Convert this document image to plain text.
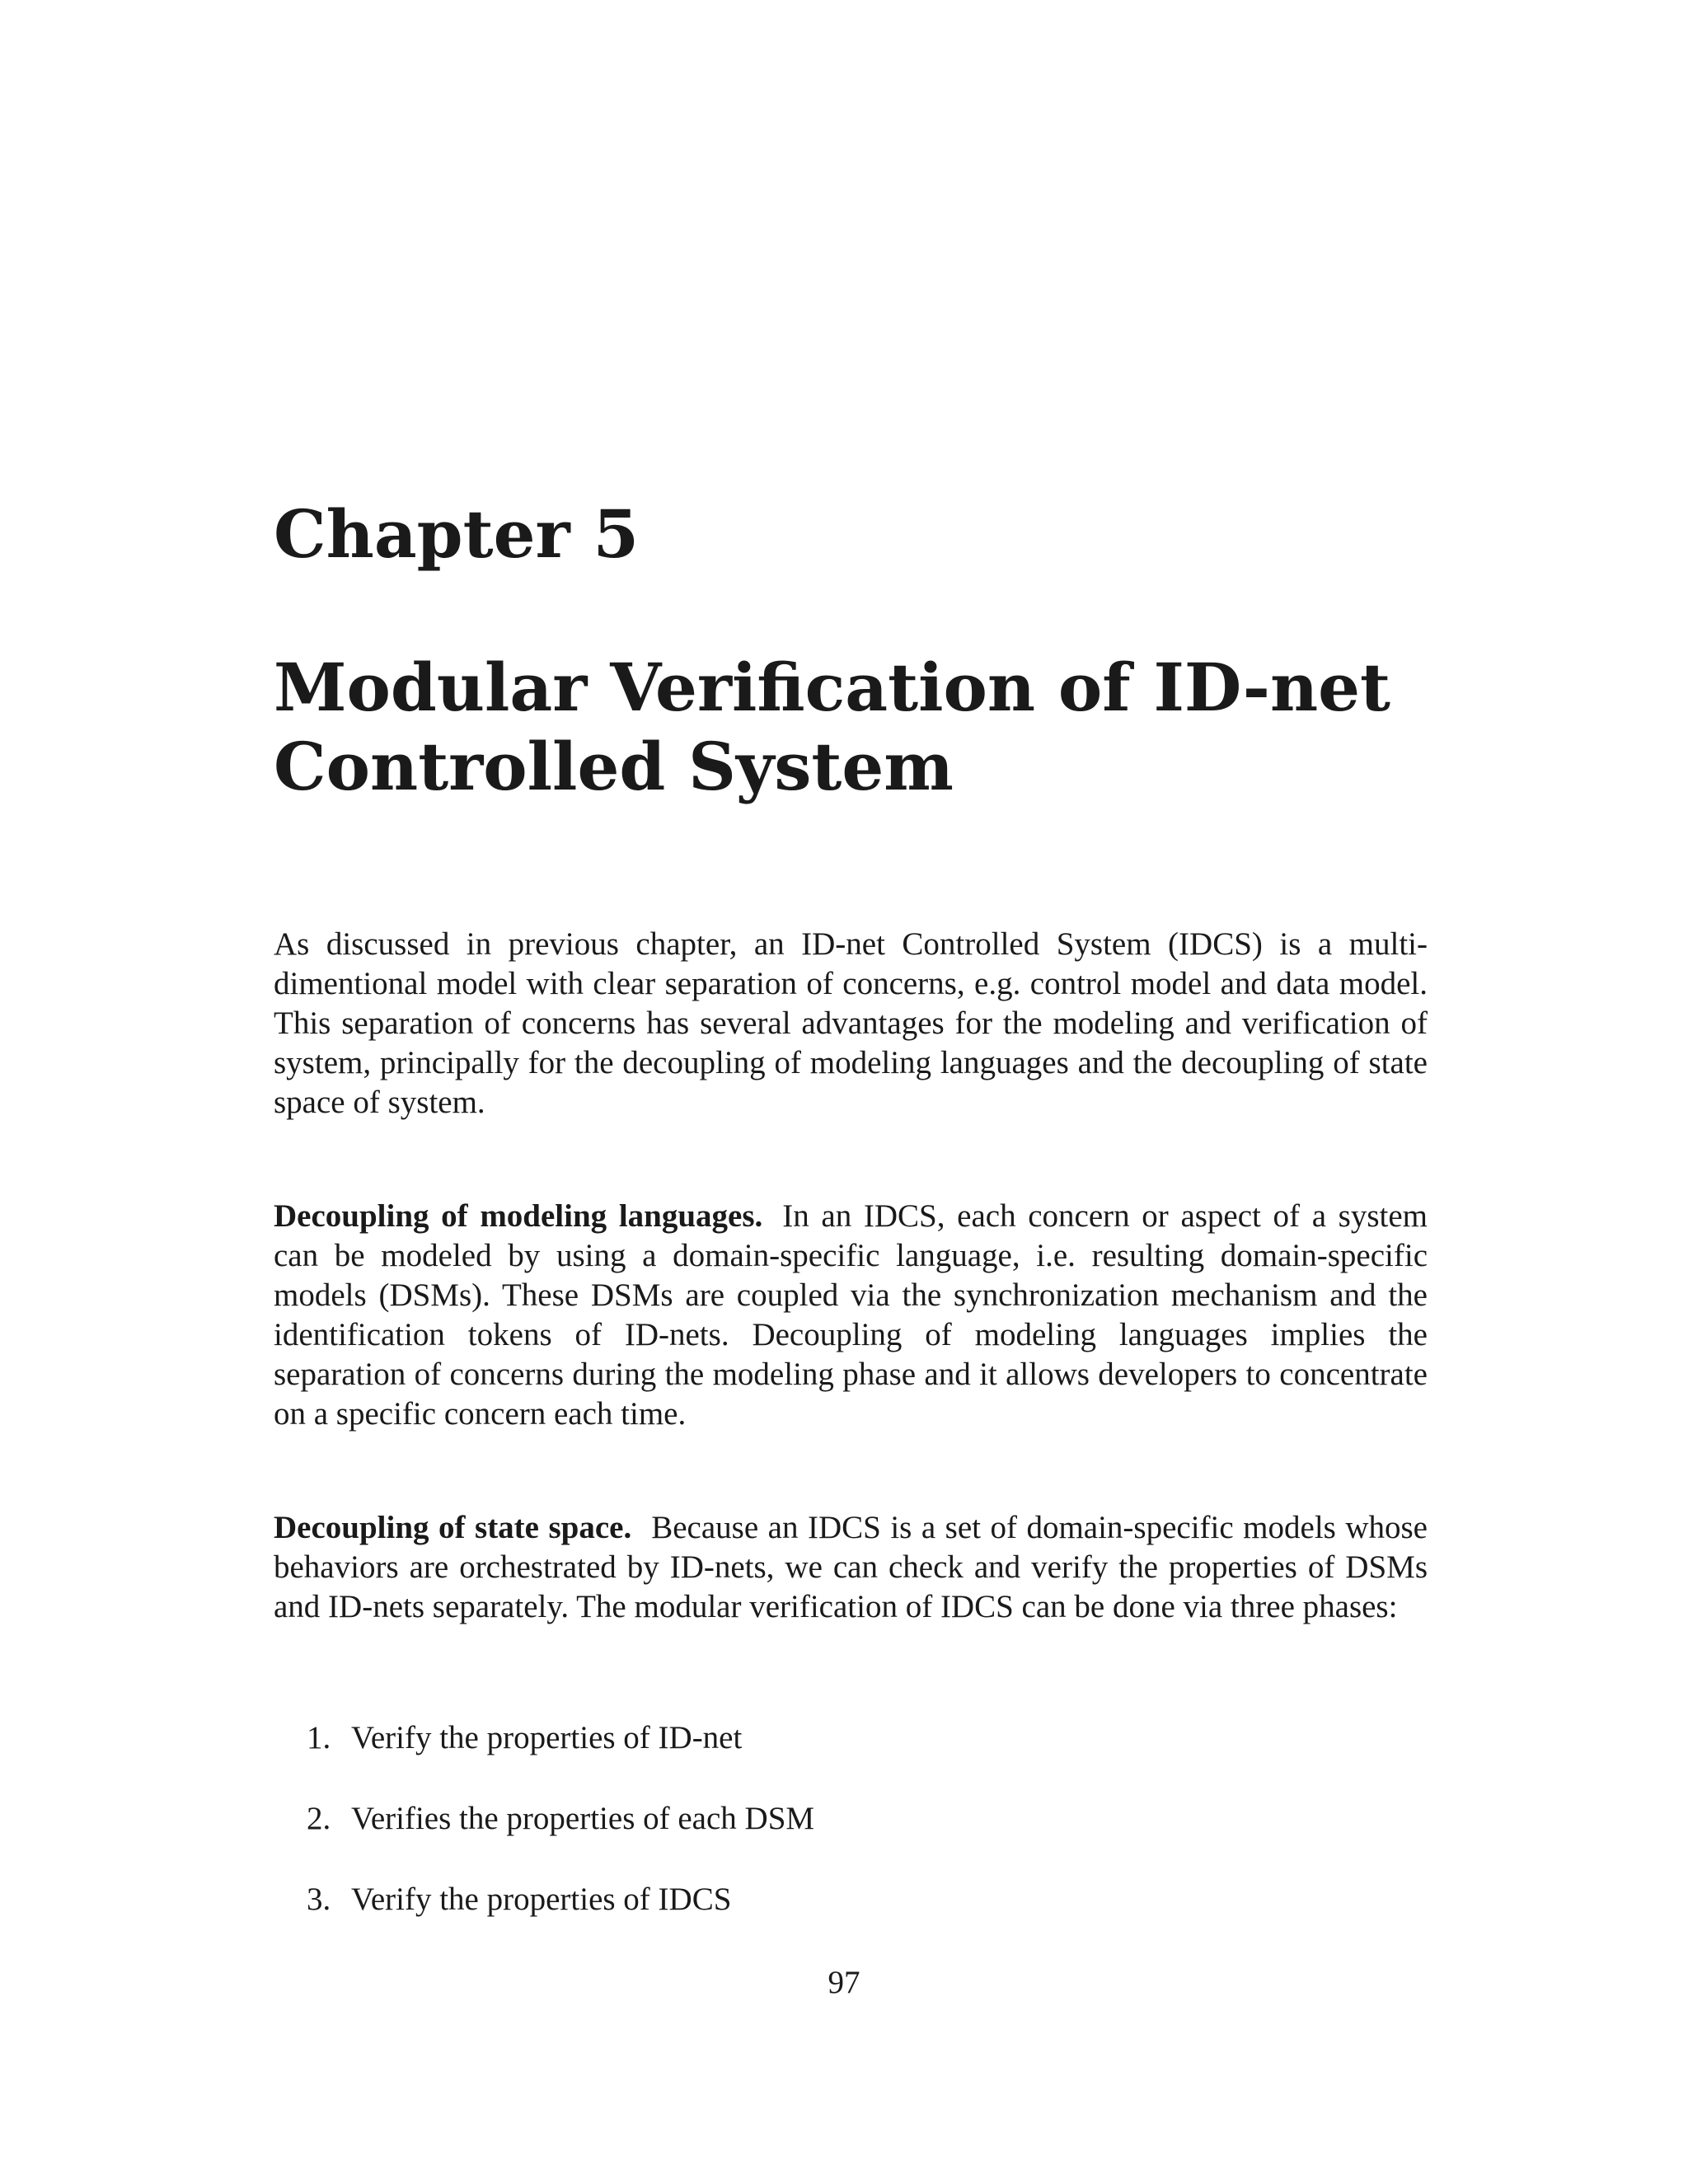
Chapter 5
Modular Verification of ID-net Controlled System

As discussed in previous chapter, an ID-net Controlled System (IDCS) is a multi-dimentional model with clear separation of concerns, e.g. control model and data model. This separation of concerns has several advantages for the modeling and verification of system, principally for the decoupling of modeling languages and the decoupling of state space of system.

Decoupling of modeling languages. In an IDCS, each concern or aspect of a system can be modeled by using a domain-specific language, i.e. resulting domain-specific models (DSMs). These DSMs are coupled via the synchronization mechanism and the identification tokens of ID-nets. Decoupling of modeling languages implies the separation of concerns during the modeling phase and it allows developers to concentrate on a specific concern each time.

Decoupling of state space. Because an IDCS is a set of domain-specific models whose behaviors are orchestrated by ID-nets, we can check and verify the properties of DSMs and ID-nets separately. The modular verification of IDCS can be done via three phases:

1. Verify the properties of ID-net
2. Verifies the properties of each DSM
3. Verify the properties of IDCS
97
